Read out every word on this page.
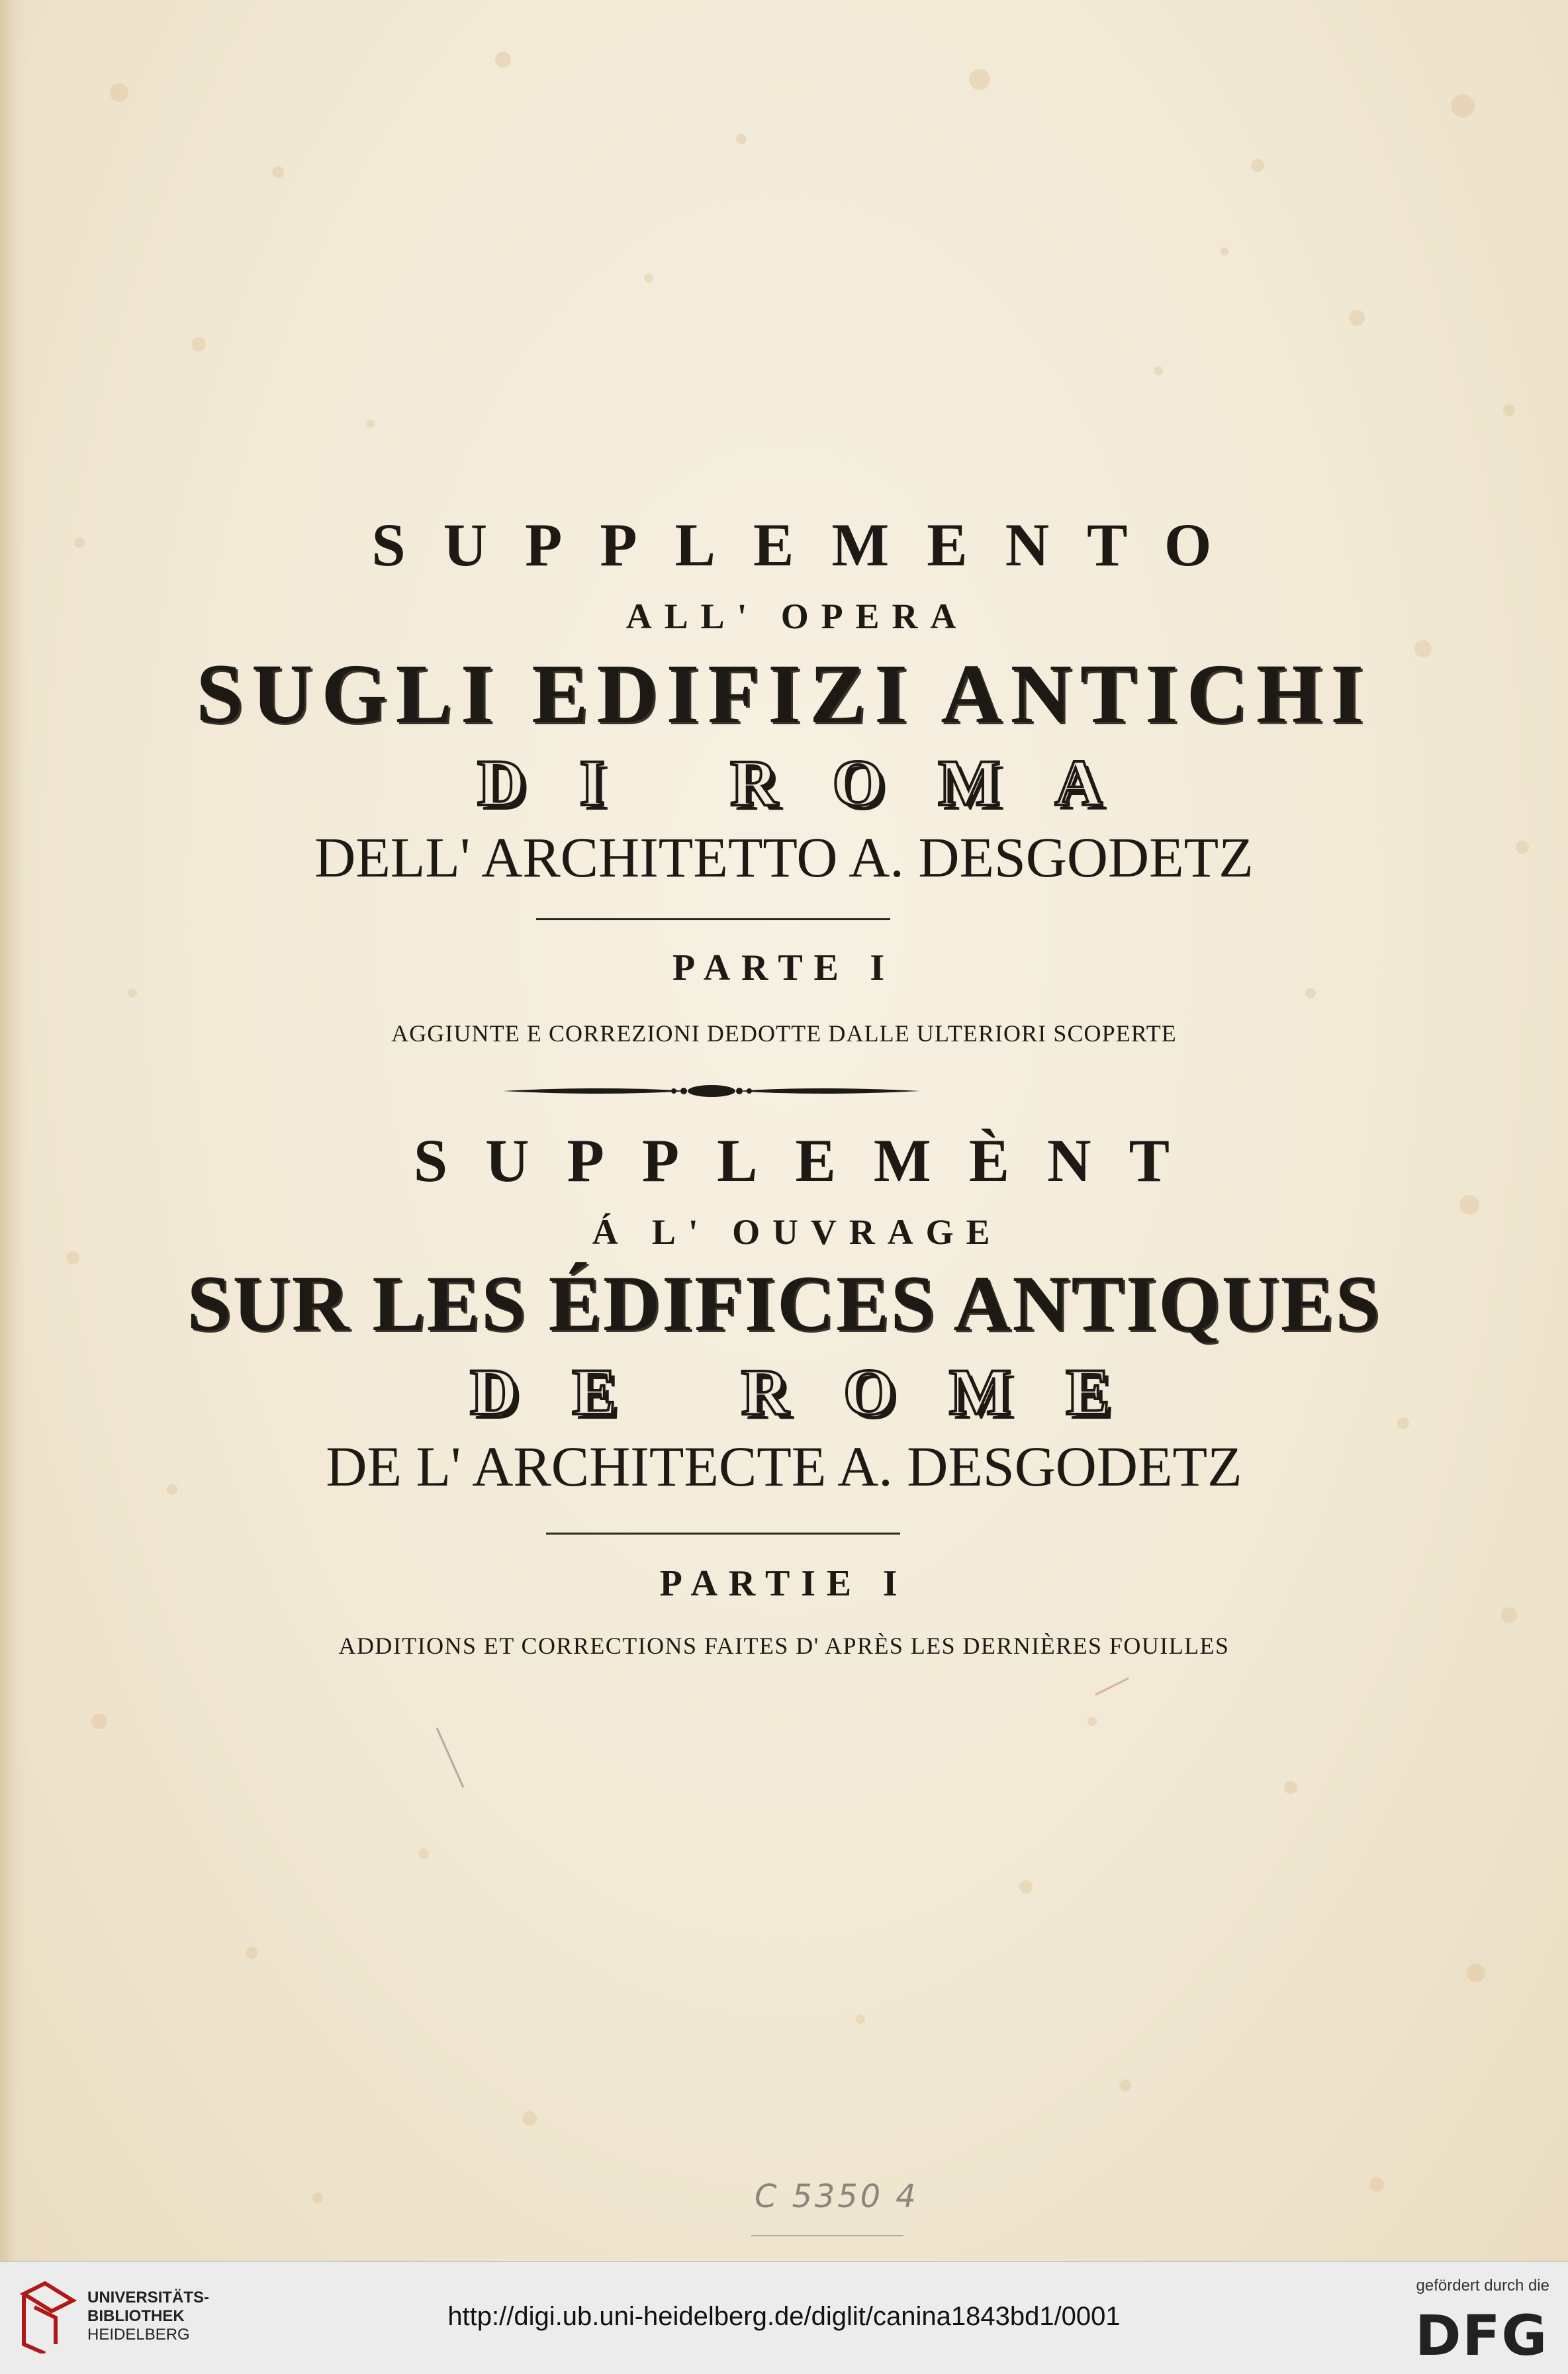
SUPPLEMENTO
ALL' OPERA
SUGLI EDIFIZI ANTICHI
DI ROMA
DELL' ARCHITETTO A. DESGODETZ
PARTE I
AGGIUNTE E CORREZIONI DEDOTTE DALLE ULTERIORI SCOPERTE
SUPPLEMÈNT
Á L' OUVRAGE
SUR LES ÉDIFICES ANTIQUES
DE ROME
DE L' ARCHITECTE A. DESGODETZ
PARTIE I
ADDITIONS ET CORRECTIONS FAITES D' APRÈS LES DERNIÈRES FOUILLES
C 5350 4
UNIVERSITÄTS-
BIBLIOTHEK
HEIDELBERG
http://digi.ub.uni-heidelberg.de/diglit/canina1843bd1/0001
gefördert durch die
DFG
